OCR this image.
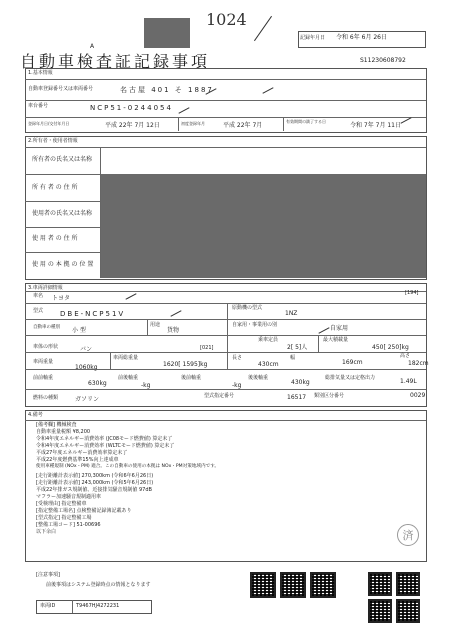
1024
A
自動車検査証記録事項
記録年月日 令和 6年 6月 26日
S11230608792
1.基本情報
自動車登録番号又は車両番号	名古屋 401 そ 1887
車台番号	NCP51-0244054
登録年月日/交付年月日	平成 22年 7月 12日	初度登録年月	平成 22年 7月
有効期間の満了する日
令和 7年 7月 11日
2.所有者・使用者情報
所有者の氏名又は名称
所 有 者 の 住 所
使用者の氏名又は名称
使 用 者 の 住 所
使 用 の 本 拠 の 位 置
3.車両詳細情報
車名 トヨタ
[194]
原動機の型式
1NZ
型式 DBE-NCP51V
自動車の種別 小 型
用途
貨物
自家用・事業用の別	自家用
車体の形状	バン	[021]
乗車定員
2[ 5]人
最大積載量
450[ 250]kg
車両重量
1060kg
車両総重量
1620[ 1595]kg
長さ
430cm
幅
169cm
高さ
182cm
前前軸重
630kg
前後軸重
-kg
後前軸重
-kg
後後軸重
430kg
総排気量又は定格出力	1.49L
燃料の種類	ガソリン	型式指定番号	16517 類別区分番号	0029
4.備考
[備考欄] 機械検査
自動車重量税額 ¥8,200
令和4年度エネルギー消費効率 (JC08モード燃費値) 算定未了
令和4年度エネルギー消費効率 (WLTCモード燃費値) 算定未了
平成27年度エネルギー消費効率算定未了
平成22年度燃費基準15%向上達成車
使用車種規制 (NOx・PM) 適合。この自動車の使用の本拠は NOx・PM対策地域内です。
[走行距離計表示値] 270,300km (令和6年6月26日)
[走行距離計表示値] 243,000km (令和5年6月26日)
平成22年排ガス規制値、近接排気騒音規制値 97dB
マフラー加速騒音規制適用車
[受検理由] 指定整備車
[指定整備工場名] 点検整備記録簿記載あり
[型式指定] 指定整備工場
[整備工場コード] 51-00696
以下余白	済
[注意事項]
前後事項はシステム登録時点の情報となります
車両ID	T9467HJ4272231
